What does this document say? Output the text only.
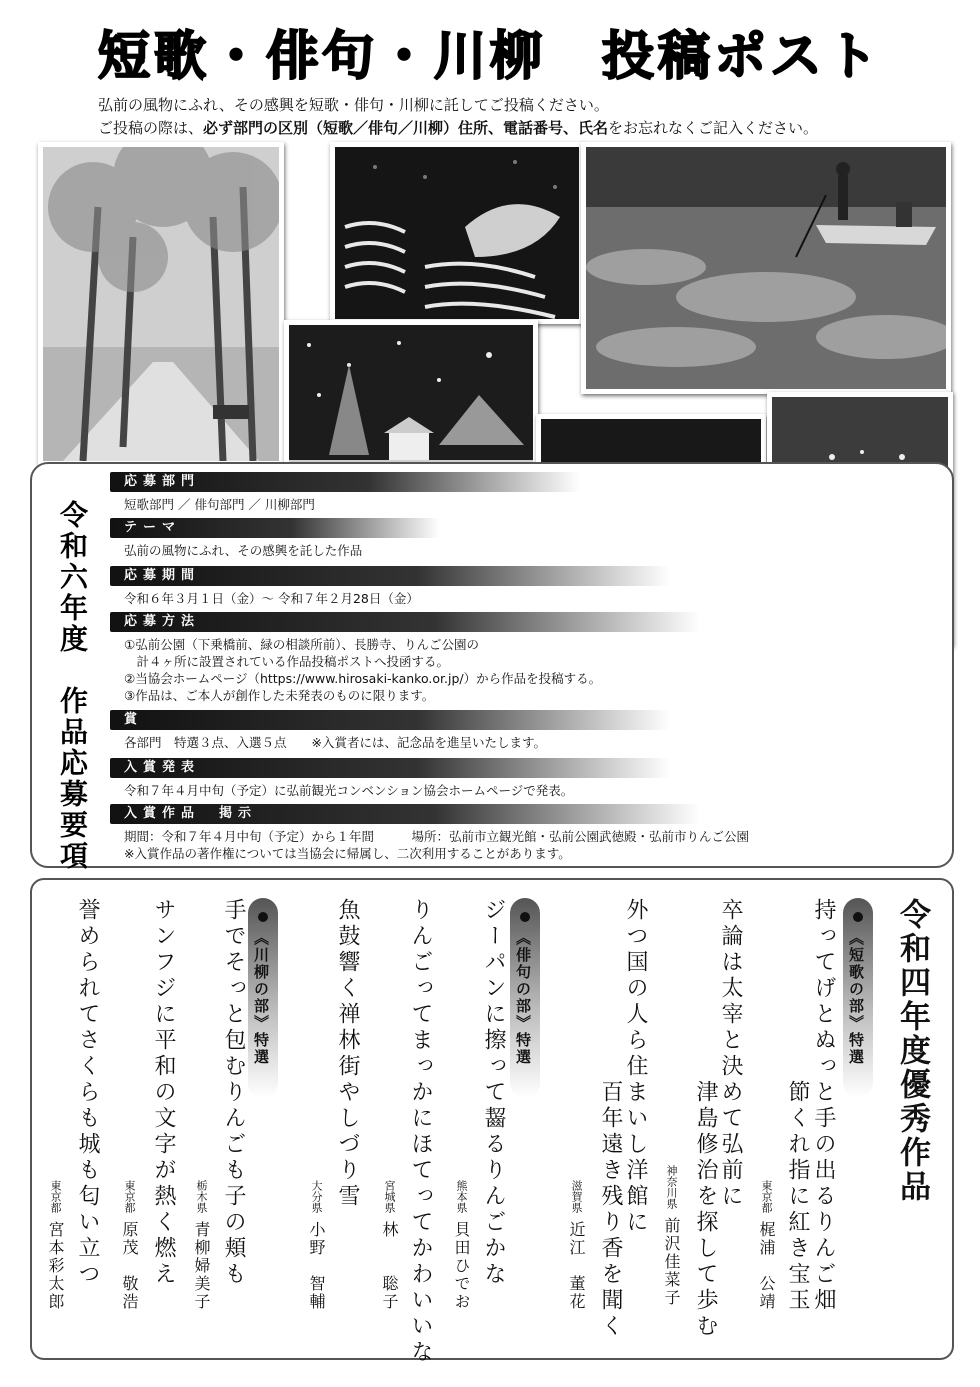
短歌・俳句・川柳　投稿ポスト
弘前の風物にふれ、その感興を短歌・俳句・川柳に託してご投稿ください。
ご投稿の際は、必ず部門の区別（短歌／俳句／川柳）住所、電話番号、氏名をお忘れなくご記入ください。
令和六年度　作品応募要項
応募部門
短歌部門 ／ 俳句部門 ／ 川柳部門
テーマ
弘前の風物にふれ、その感興を託した作品
応募期間
令和６年３月１日（金）～ 令和７年２月28日（金）
応募方法
①弘前公園（下乗橋前、緑の相談所前）、長勝寺、りんご公園の
　計４ヶ所に設置されている作品投稿ポストへ投函する。
②当協会ホームページ（https://www.hirosaki-kanko.or.jp/）から作品を投稿する。
③作品は、ご本人が創作した未発表のものに限ります。
賞
各部門　特選３点、入選５点　　※入賞者には、記念品を進呈いたします。
入賞発表
令和７年４月中旬（予定）に弘前観光コンベンション協会ホームページで発表。
入賞作品　掲示
期間：令和７年４月中旬（予定）から１年間　　　場所：弘前市立観光館・弘前公園武徳殿・弘前市りんご公園
※入賞作品の著作権については当協会に帰属し、二次利用することがあります。
令和四年度優秀作品
《短歌の部》特選
《俳句の部》特選
《川柳の部》特選	持ってげとぬっと手の出るりんご畑
節くれ指に紅き宝玉
東京都梶浦　公靖
卒論は太宰と決めて弘前に
津島修治を探して歩む
神奈川県前沢佳菜子
外つ国の人ら住まいし洋館に
百年遠き残り香を聞く
滋賀県近江　董花
ジーパンに擦って齧るりんごかな
熊本県貝田ひでお
りんごってまっかにほてってかわいいな
宮城県林　　聡子
魚鼓響く禅林街やしづり雪
大分県小野　智輔
手でそっと包むりんごも子の頬も
栃木県青柳婦美子
サンフジに平和の文字が熱く燃え
東京都原茂　敬浩
誉められてさくらも城も匂い立つ
東京都宮本彩太郎
